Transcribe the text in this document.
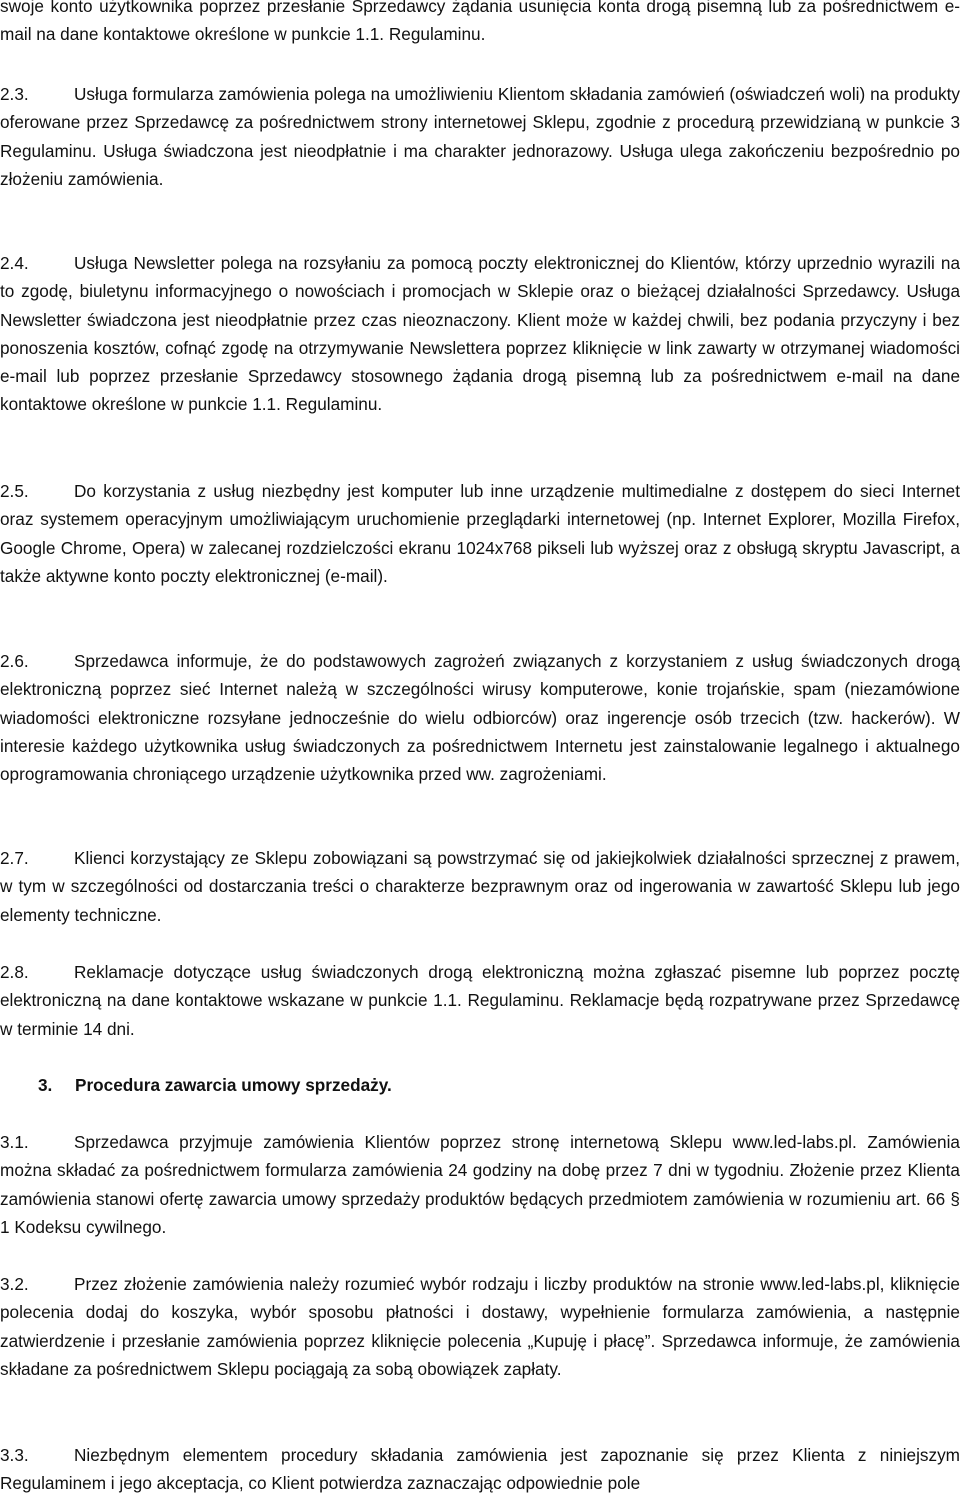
swoje konto użytkownika poprzez przesłanie Sprzedawcy żądania usunięcia konta drogą pisemną lub za pośrednictwem e-mail na dane kontaktowe określone w punkcie 1.1. Regulaminu.

2.3.	Usługa formularza zamówienia polega na umożliwieniu Klientom składania zamówień (oświadczeń woli) na produkty oferowane przez Sprzedawcę za pośrednictwem strony internetowej Sklepu, zgodnie z procedurą przewidzianą w punkcie 3 Regulaminu. Usługa świadczona jest nieodpłatnie i ma charakter jednorazowy. Usługa ulega zakończeniu bezpośrednio po złożeniu zamówienia.

2.4.	Usługa Newsletter polega na rozsyłaniu za pomocą poczty elektronicznej do Klientów, którzy uprzednio wyrazili na to zgodę, biuletynu informacyjnego o nowościach i promocjach w Sklepie oraz o bieżącej działalności Sprzedawcy. Usługa Newsletter świadczona jest nieodpłatnie przez czas nieoznaczony. Klient może w każdej chwili, bez podania przyczyny i bez ponoszenia kosztów, cofnąć zgodę na otrzymywanie Newslettera poprzez kliknięcie w link zawarty w otrzymanej wiadomości e-mail lub poprzez przesłanie Sprzedawcy stosownego żądania drogą pisemną lub za pośrednictwem e-mail na dane kontaktowe określone w punkcie 1.1. Regulaminu.

2.5.	Do korzystania z usług niezbędny jest komputer lub inne urządzenie multimedialne z dostępem do sieci Internet oraz systemem operacyjnym umożliwiającym uruchomienie przeglądarki internetowej (np. Internet Explorer, Mozilla Firefox, Google Chrome, Opera) w zalecanej rozdzielczości ekranu 1024x768 pikseli lub wyższej oraz z obsługą skryptu Javascript, a także aktywne konto poczty elektronicznej (e-mail).

2.6.	Sprzedawca informuje, że do podstawowych zagrożeń związanych z korzystaniem z usług świadczonych drogą elektroniczną poprzez sieć Internet należą w szczególności wirusy komputerowe, konie trojańskie, spam (niezamówione wiadomości elektroniczne rozsyłane jednocześnie do wielu odbiorców) oraz ingerencje osób trzecich (tzw. hackerów). W interesie każdego użytkownika usług świadczonych za pośrednictwem Internetu jest zainstalowanie legalnego i aktualnego oprogramowania chroniącego urządzenie użytkownika przed ww. zagrożeniami.

2.7.	Klienci korzystający ze Sklepu zobowiązani są powstrzymać się od jakiejkolwiek działalności sprzecznej z prawem, w tym w szczególności od dostarczania treści o charakterze bezprawnym oraz od ingerowania w zawartość Sklepu lub jego elementy techniczne.

2.8.	Reklamacje dotyczące usług świadczonych drogą elektroniczną można zgłaszać pisemne lub poprzez pocztę elektroniczną na dane kontaktowe wskazane w punkcie 1.1. Regulaminu. Reklamacje będą rozpatrywane przez Sprzedawcę w terminie 14 dni.

3. Procedura zawarcia umowy sprzedaży.

3.1.	Sprzedawca przyjmuje zamówienia Klientów poprzez stronę internetową Sklepu www.led-labs.pl. Zamówienia można składać za pośrednictwem formularza zamówienia 24 godziny na dobę przez 7 dni w tygodniu. Złożenie przez Klienta zamówienia stanowi ofertę zawarcia umowy sprzedaży produktów będących przedmiotem zamówienia w rozumieniu art. 66 § 1 Kodeksu cywilnego.

3.2.	Przez złożenie zamówienia należy rozumieć wybór rodzaju i liczby produktów na stronie www.led-labs.pl, kliknięcie polecenia dodaj do koszyka, wybór sposobu płatności i dostawy, wypełnienie formularza zamówienia, a następnie zatwierdzenie i przesłanie zamówienia poprzez kliknięcie polecenia „Kupuję i płacę”. Sprzedawca informuje, że zamówienia składane za pośrednictwem Sklepu pociągają za sobą obowiązek zapłaty.

3.3.	Niezbędnym elementem procedury składania zamówienia jest zapoznanie się przez Klienta z niniejszym Regulaminem i jego akceptacja, co Klient potwierdza zaznaczając odpowiednie pole
